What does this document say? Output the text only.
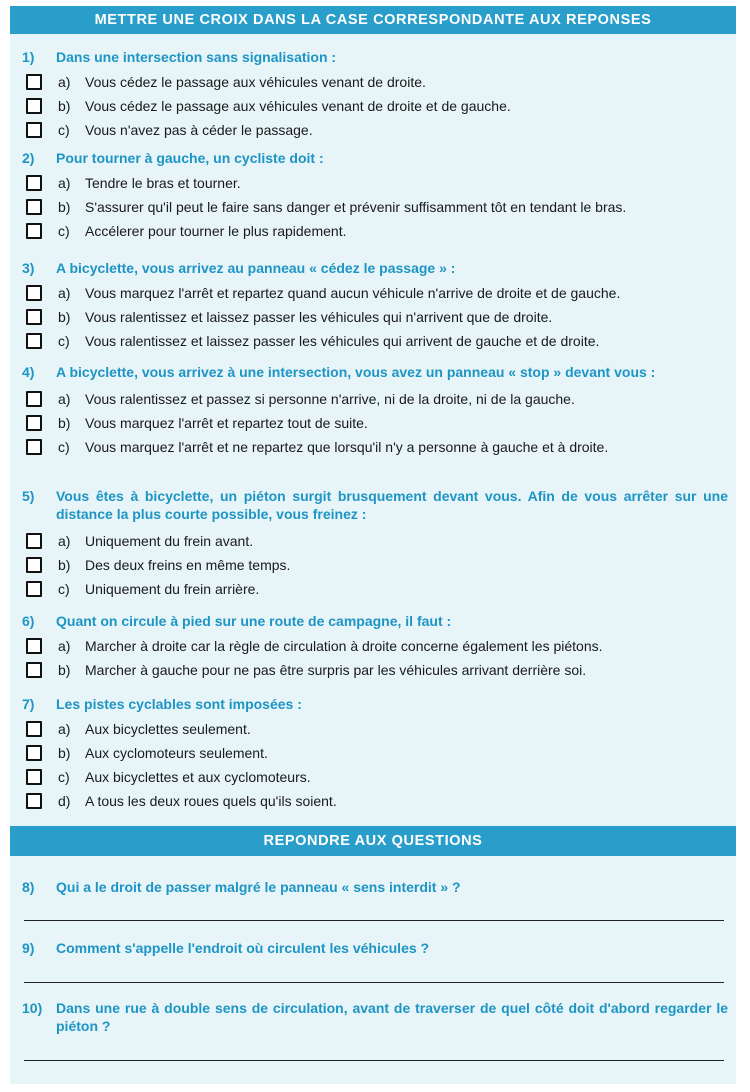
METTRE UNE CROIX DANS LA CASE CORRESPONDANTE AUX REPONSES
1)	Dans une intersection sans signalisation :
a)	Vous cédez le passage aux véhicules venant de droite.
b)	Vous cédez le passage aux véhicules venant de droite et de gauche.
c)	Vous n'avez pas à céder le passage.
2)	Pour tourner à gauche, un cycliste doit :
a)	Tendre le bras et tourner.
b)	S'assurer qu'il peut le faire sans danger et prévenir suffisamment tôt en tendant le bras.
c)	Accélerer pour tourner le plus rapidement.
3)	A bicyclette, vous arrivez au panneau « cédez le passage » :
a)	Vous marquez l'arrêt et repartez quand aucun véhicule n'arrive de droite et de gauche.
b)	Vous ralentissez et laissez passer les véhicules qui n'arrivent que de droite.
c)	Vous ralentissez et laissez passer les véhicules qui arrivent de gauche et de droite.
4)	A bicyclette, vous arrivez à une intersection, vous avez un panneau « stop » devant vous :
a)	Vous ralentissez et passez si personne n'arrive, ni de la droite, ni de la gauche.
b)	Vous marquez l'arrêt et repartez tout de suite.
c)	Vous marquez l'arrêt et ne repartez que lorsqu'il n'y a personne à gauche et à droite.
5)	Vous êtes à bicyclette, un piéton surgit brusquement devant vous. Afin de vous arrêter sur une distance la plus courte possible, vous freinez :
a)	Uniquement du frein avant.
b)	Des deux freins en même temps.
c)	Uniquement du frein arrière.
6)	Quant on circule à pied sur une route de campagne, il faut :
a)	Marcher à droite car la règle de circulation à droite concerne également les piétons.
b)	Marcher à gauche pour ne pas être surpris par les véhicules arrivant derrière soi.
7)	Les pistes cyclables sont imposées :
a)	Aux bicyclettes seulement.
b)	Aux cyclomoteurs seulement.
c)	Aux bicyclettes et aux cyclomoteurs.
d)	A tous les deux roues quels qu'ils soient.
REPONDRE AUX QUESTIONS
8)	Qui a le droit de passer malgré le panneau « sens interdit » ?
9)	Comment s'appelle l'endroit où circulent les véhicules ?
10) Dans une rue à double sens de circulation, avant de traverser de quel côté doit d'abord regarder le piéton ?
